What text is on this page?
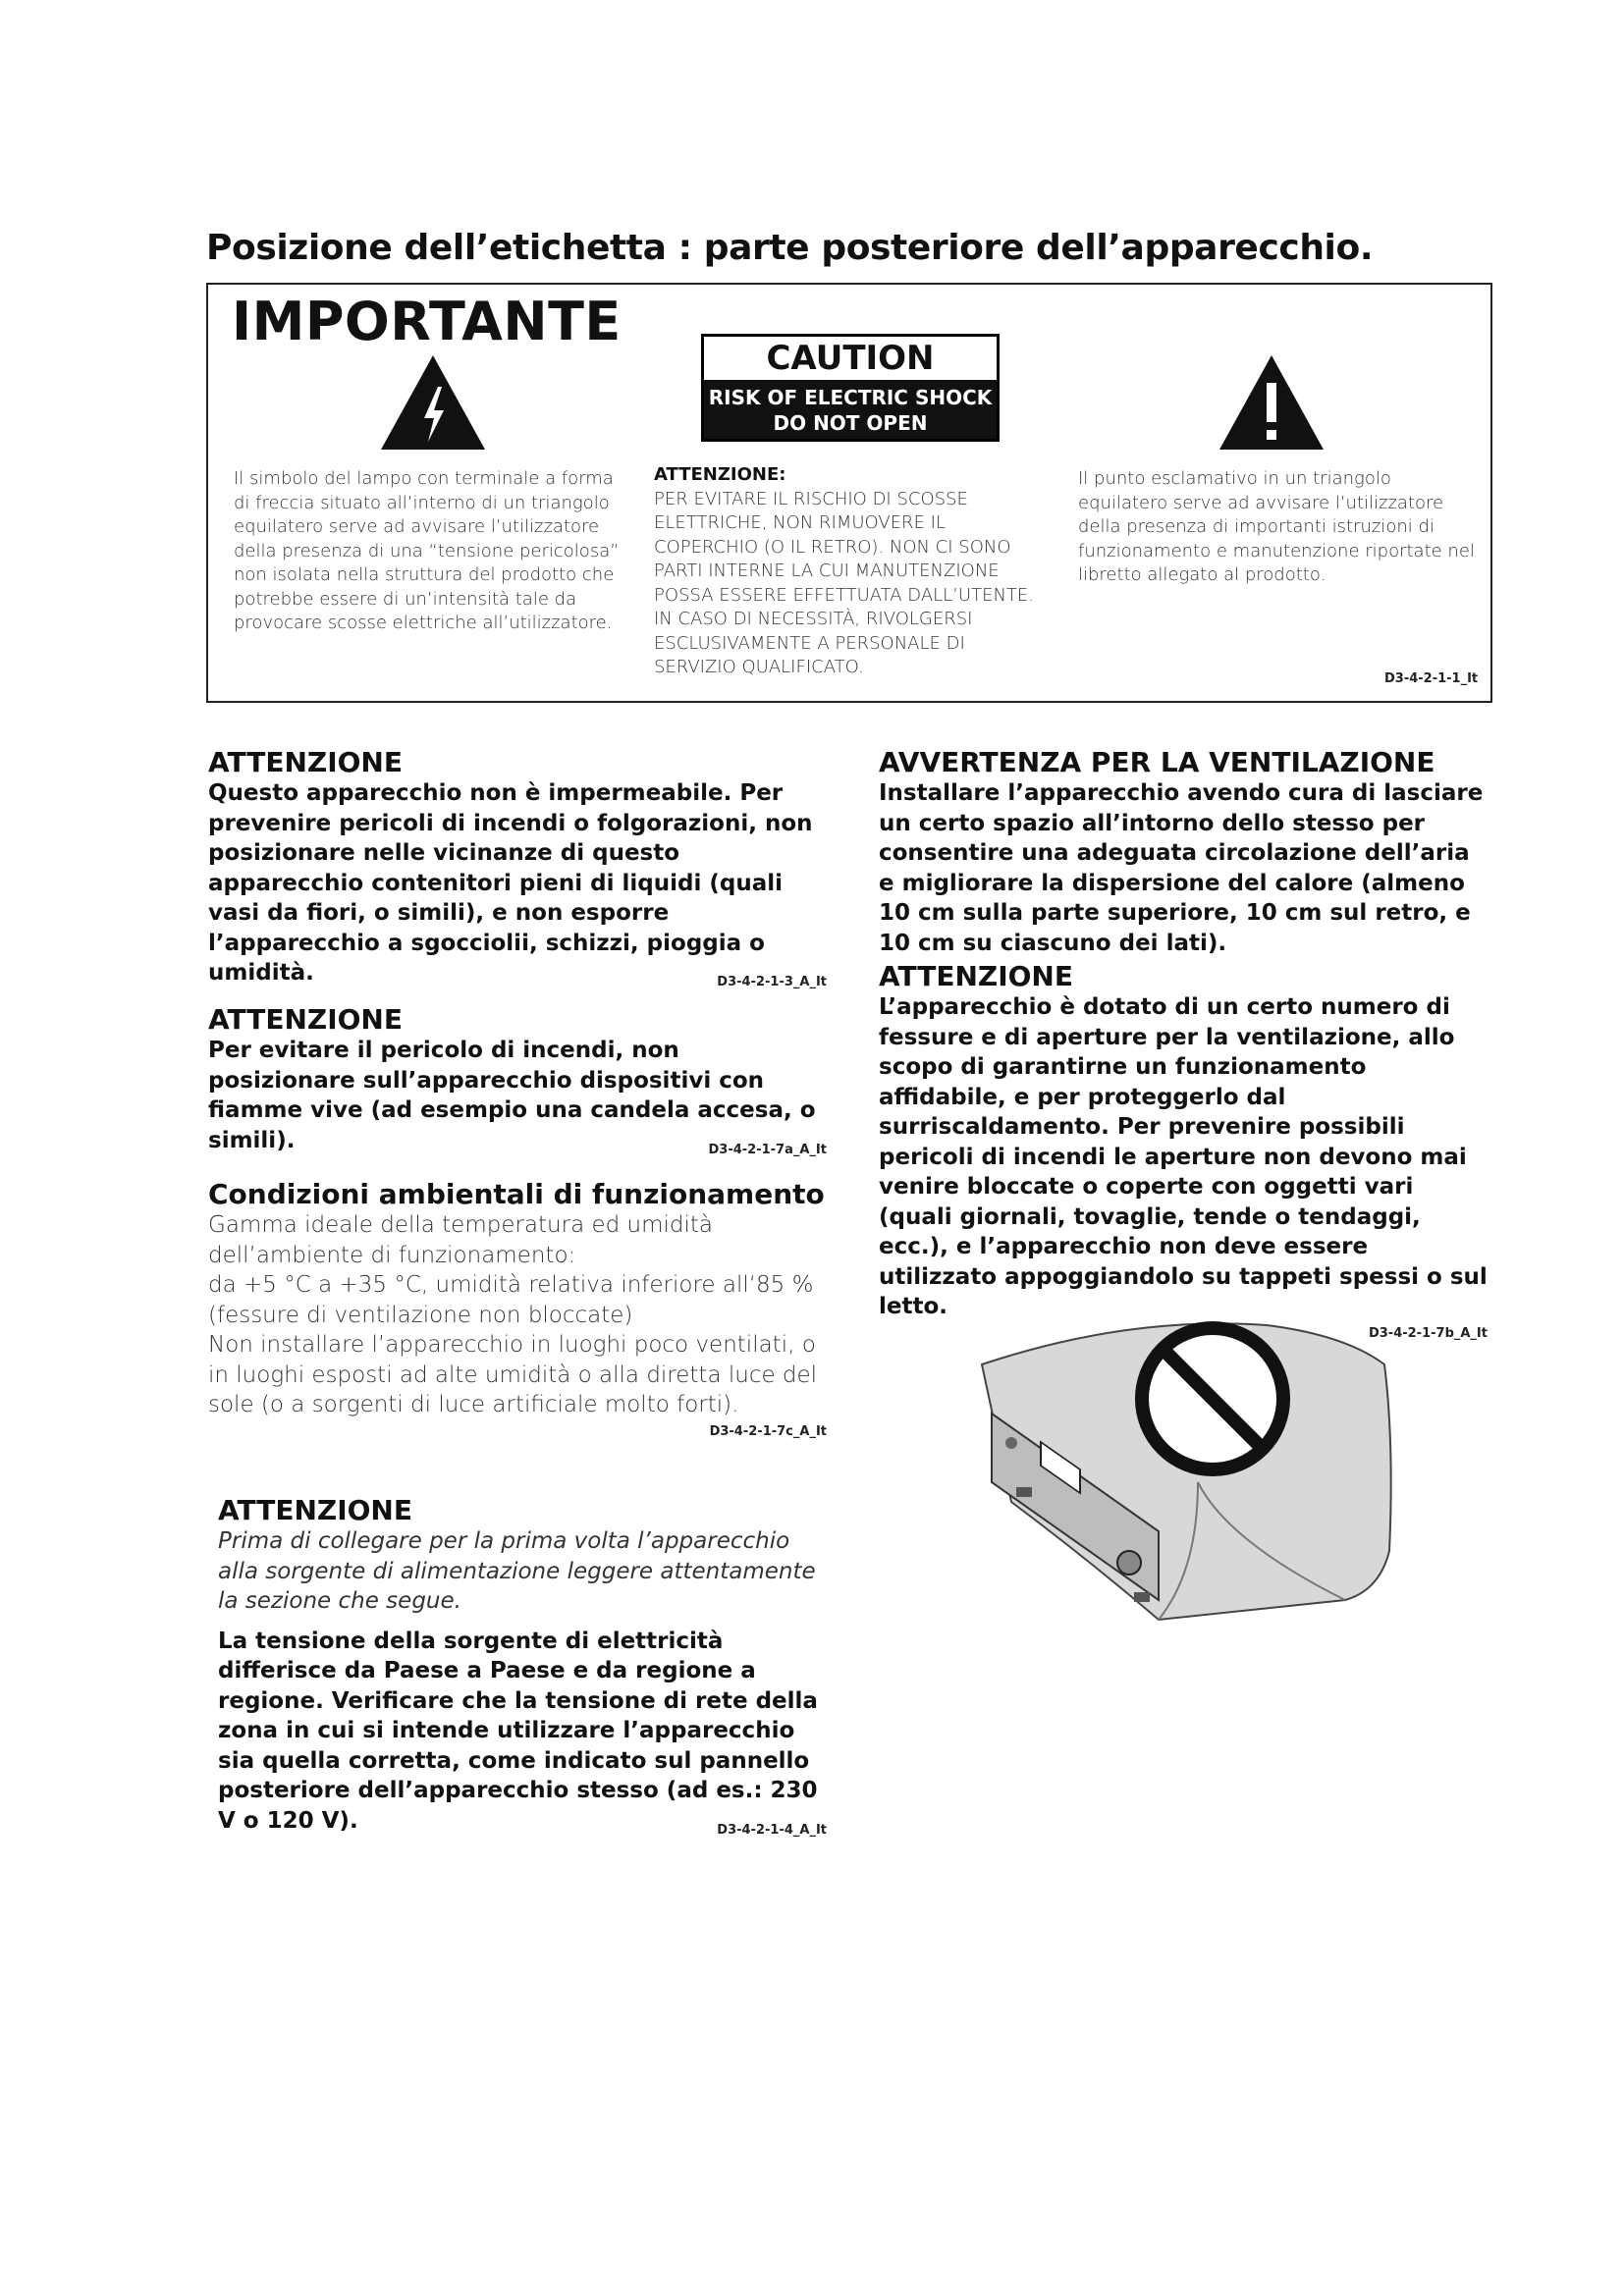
Posizione dell’etichetta : parte posteriore dell’apparecchio.
IMPORTANTE
CAUTION
RISK OF ELECTRIC SHOCK
DO NOT OPEN
Il simbolo del lampo con terminale a forma di freccia situato all’interno di un triangolo equilatero serve ad avvisare l’utilizzatore della presenza di una “tensione pericolosa” non isolata nella struttura del prodotto che potrebbe essere di un’intensità tale da provocare scosse elettriche all’utilizzatore.
ATTENZIONE:
PER EVITARE IL RISCHIO DI SCOSSE ELETTRICHE, NON RIMUOVERE IL COPERCHIO (O IL RETRO). NON CI SONO PARTI INTERNE LA CUI MANUTENZIONE POSSA ESSERE EFFETTUATA DALL’UTENTE. IN CASO DI NECESSITÀ, RIVOLGERSI ESCLUSIVAMENTE A PERSONALE DI SERVIZIO QUALIFICATO.
Il punto esclamativo in un triangolo equilatero serve ad avvisare l’utilizzatore della presenza di importanti istruzioni di funzionamento e manutenzione riportate nel libretto allegato al prodotto.
D3-4-2-1-1_It
ATTENZIONE
Questo apparecchio non è impermeabile. Per prevenire pericoli di incendi o folgorazioni, non posizionare nelle vicinanze di questo apparecchio contenitori pieni di liquidi (quali vasi da fiori, o simili), e non esporre l’apparecchio a sgocciolii, schizzi, pioggia o umidità.	D3-4-2-1-3_A_It
ATTENZIONE
Per evitare il pericolo di incendi, non posizionare sull’apparecchio dispositivi con fiamme vive (ad esempio una candela accesa, o simili).	D3-4-2-1-7a_A_It
Condizioni ambientali di funzionamento
Gamma ideale della temperatura ed umidità dell’ambiente di funzionamento:
da +5 °C a +35 °C, umidità relativa inferiore all‘85 % (fessure di ventilazione non bloccate)
Non installare l’apparecchio in luoghi poco ventilati, o in luoghi esposti ad alte umidità o alla diretta luce del sole (o a sorgenti di luce artificiale molto forti).
D3-4-2-1-7c_A_It
ATTENZIONE
Prima di collegare per la prima volta l’apparecchio alla sorgente di alimentazione leggere attentamente la sezione che segue.
La tensione della sorgente di elettricità differisce da Paese a Paese e da regione a regione. Verificare che la tensione di rete della zona in cui si intende utilizzare l’apparecchio sia quella corretta, come indicato sul pannello posteriore dell’apparecchio stesso (ad es.: 230 V o 120 V).	D3-4-2-1-4_A_It
AVVERTENZA PER LA VENTILAZIONE
Installare l’apparecchio avendo cura di lasciare un certo spazio all’intorno dello stesso per consentire una adeguata circolazione dell’aria e migliorare la dispersione del calore (almeno 10 cm sulla parte superiore, 10 cm sul retro, e 10 cm su ciascuno dei lati).
ATTENZIONE
L’apparecchio è dotato di un certo numero di fessure e di aperture per la ventilazione, allo scopo di garantirne un funzionamento affidabile, e per proteggerlo dal surriscaldamento. Per prevenire possibili pericoli di incendi le aperture non devono mai venire bloccate o coperte con oggetti vari (quali giornali, tovaglie, tende o tendaggi, ecc.), e l’apparecchio non deve essere utilizzato appoggiandolo su tappeti spessi o sul letto.
D3-4-2-1-7b_A_It
